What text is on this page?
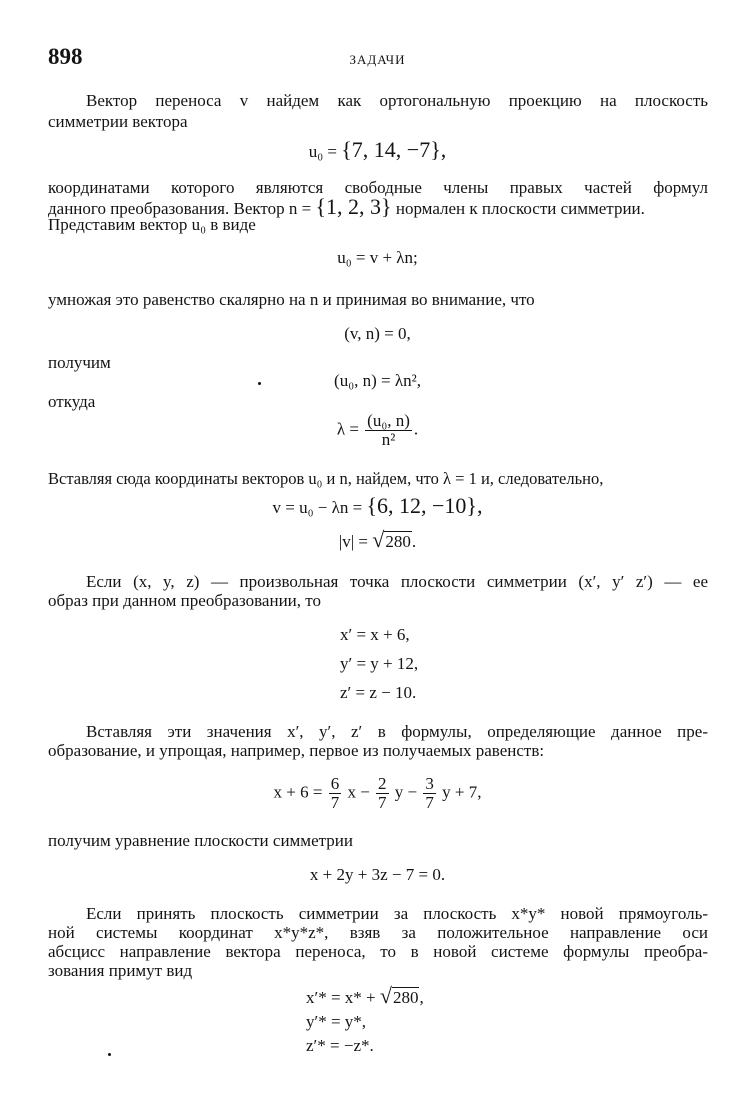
898	ЗАДАЧИ
Вектор переноса v найдем как ортогональную проекцию на плоскость
симметрии вектора
u₀ = {7, 14, −7},
координатами которого являются свободные члены правых частей формул
данного преобразования. Вектор n = {1, 2, 3} нормален к плоскости симметрии.
Представим вектор u₀ в виде
u₀ = v + λn;
умножая это равенство скалярно на n и принимая во внимание, что
(v, n) = 0,
получим
(u₀, n) = λn²,
откуда
$\lambda = \frac{\text{(u₀, n)}}{\text{n²}}$ .
Вставляя сюда координаты векторов u₀ и n, найдем, что λ = 1 и, следовательно,
v = u₀ − λn = {6, 12, −10},
|v| = √280.
Если (x, y, z) — произвольная точка плоскости симметрии (x′, y′ z′) — ее
образ при данном преобразовании, то
x′ = x + 6,
y′ = y + 12,
z′ = z − 10.
Вставляя эти значения x′, y′, z′ в формулы, определяющие данное пре-
образование, и упрощая, например, первое из получаемых равенств:
$x + 6 = \frac{6}{7}$ $x - \frac{2}{7}$ $y - \frac{3}{7}$ y + 7,
получим уравнение плоскости симметрии
x + 2y + 3z − 7 = 0.
Если принять плоскость симметрии за плоскость x*y* новой прямоуголь-
ной системы координат x*y*z*, взяв за положительное направление оси
абсцисс направление вектора переноса, то в новой системе формулы преобра-
зования примут вид
x′* = x* + √280,
y′* = y*,
z′* = −z*.
